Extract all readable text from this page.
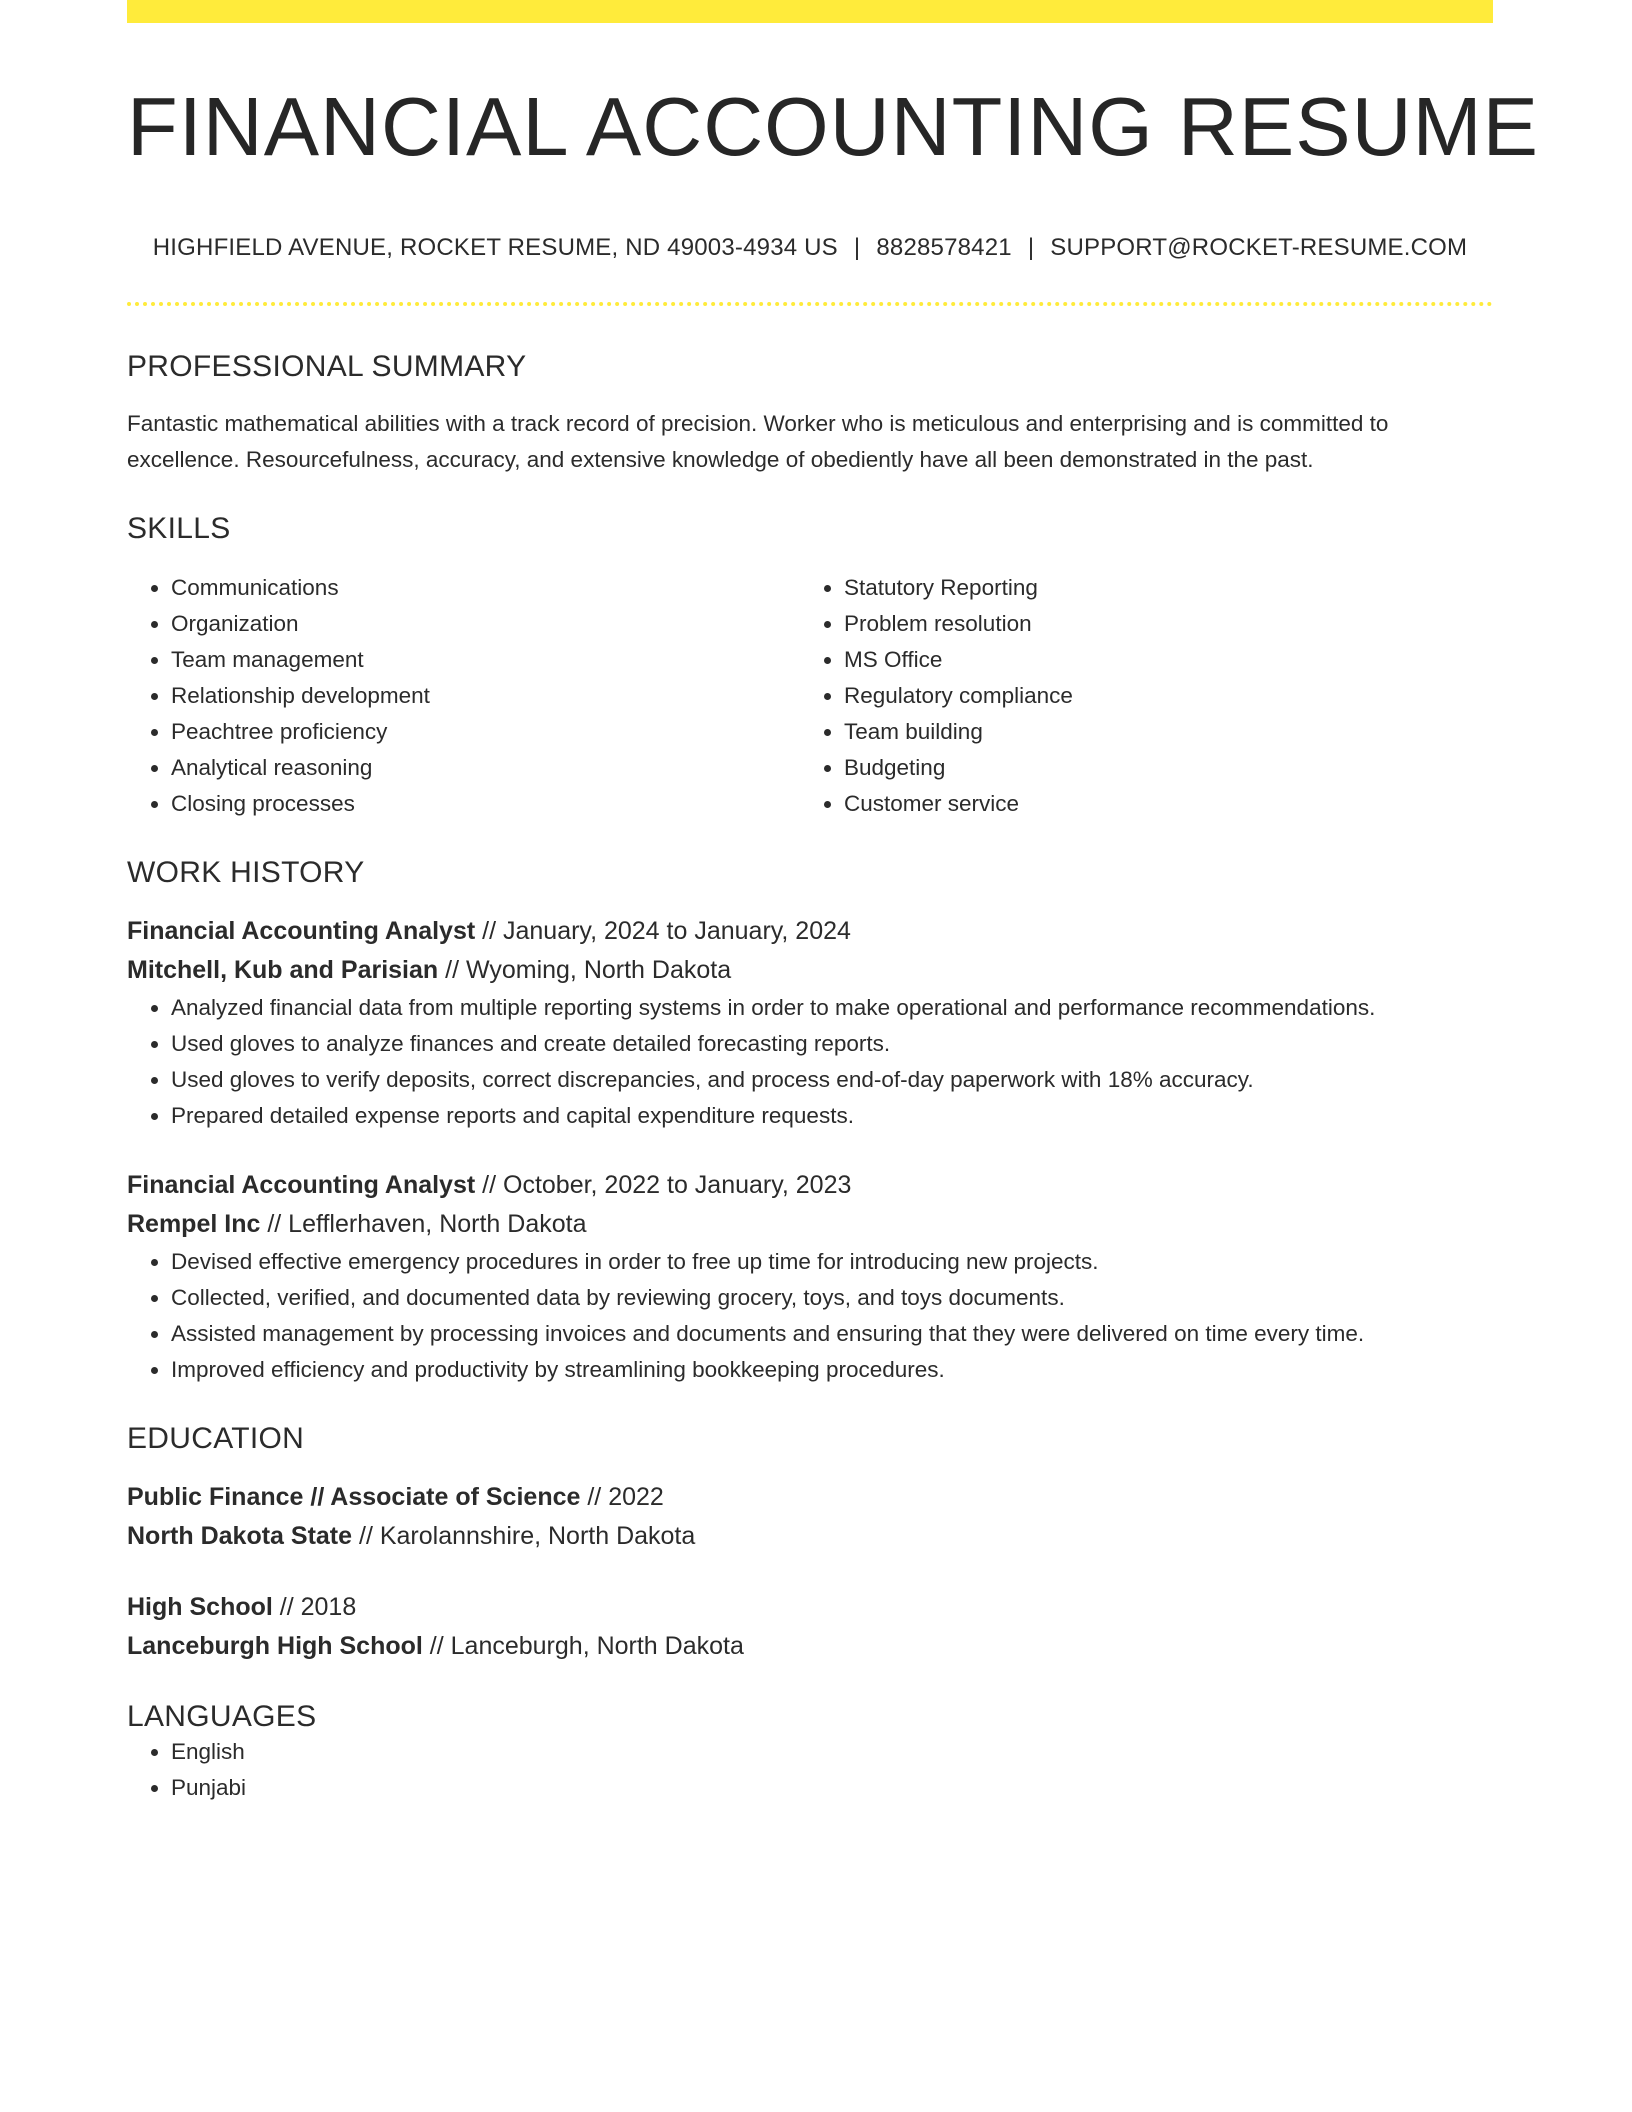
FINANCIAL ACCOUNTING RESUME
HIGHFIELD AVENUE, ROCKET RESUME, ND 49003-4934 US | 8828578421 | SUPPORT@ROCKET-RESUME.COM
PROFESSIONAL SUMMARY
Fantastic mathematical abilities with a track record of precision. Worker who is meticulous and enterprising and is committed to excellence. Resourcefulness, accuracy, and extensive knowledge of obediently have all been demonstrated in the past.
SKILLS
• Communications
• Organization
• Team management
• Relationship development
• Peachtree proficiency
• Analytical reasoning
• Closing processes
• Statutory Reporting
• Problem resolution
• MS Office
• Regulatory compliance
• Team building
• Budgeting
• Customer service
WORK HISTORY
Financial Accounting Analyst // January, 2024 to January, 2024
Mitchell, Kub and Parisian // Wyoming, North Dakota
• Analyzed financial data from multiple reporting systems in order to make operational and performance recommendations.
• Used gloves to analyze finances and create detailed forecasting reports.
• Used gloves to verify deposits, correct discrepancies, and process end-of-day paperwork with 18% accuracy.
• Prepared detailed expense reports and capital expenditure requests.
Financial Accounting Analyst // October, 2022 to January, 2023
Rempel Inc // Lefflerhaven, North Dakota
• Devised effective emergency procedures in order to free up time for introducing new projects.
• Collected, verified, and documented data by reviewing grocery, toys, and toys documents.
• Assisted management by processing invoices and documents and ensuring that they were delivered on time every time.
• Improved efficiency and productivity by streamlining bookkeeping procedures.
EDUCATION
Public Finance // Associate of Science // 2022
North Dakota State // Karolannshire, North Dakota
High School // 2018
Lanceburgh High School // Lanceburgh, North Dakota
LANGUAGES
• English
• Punjabi
